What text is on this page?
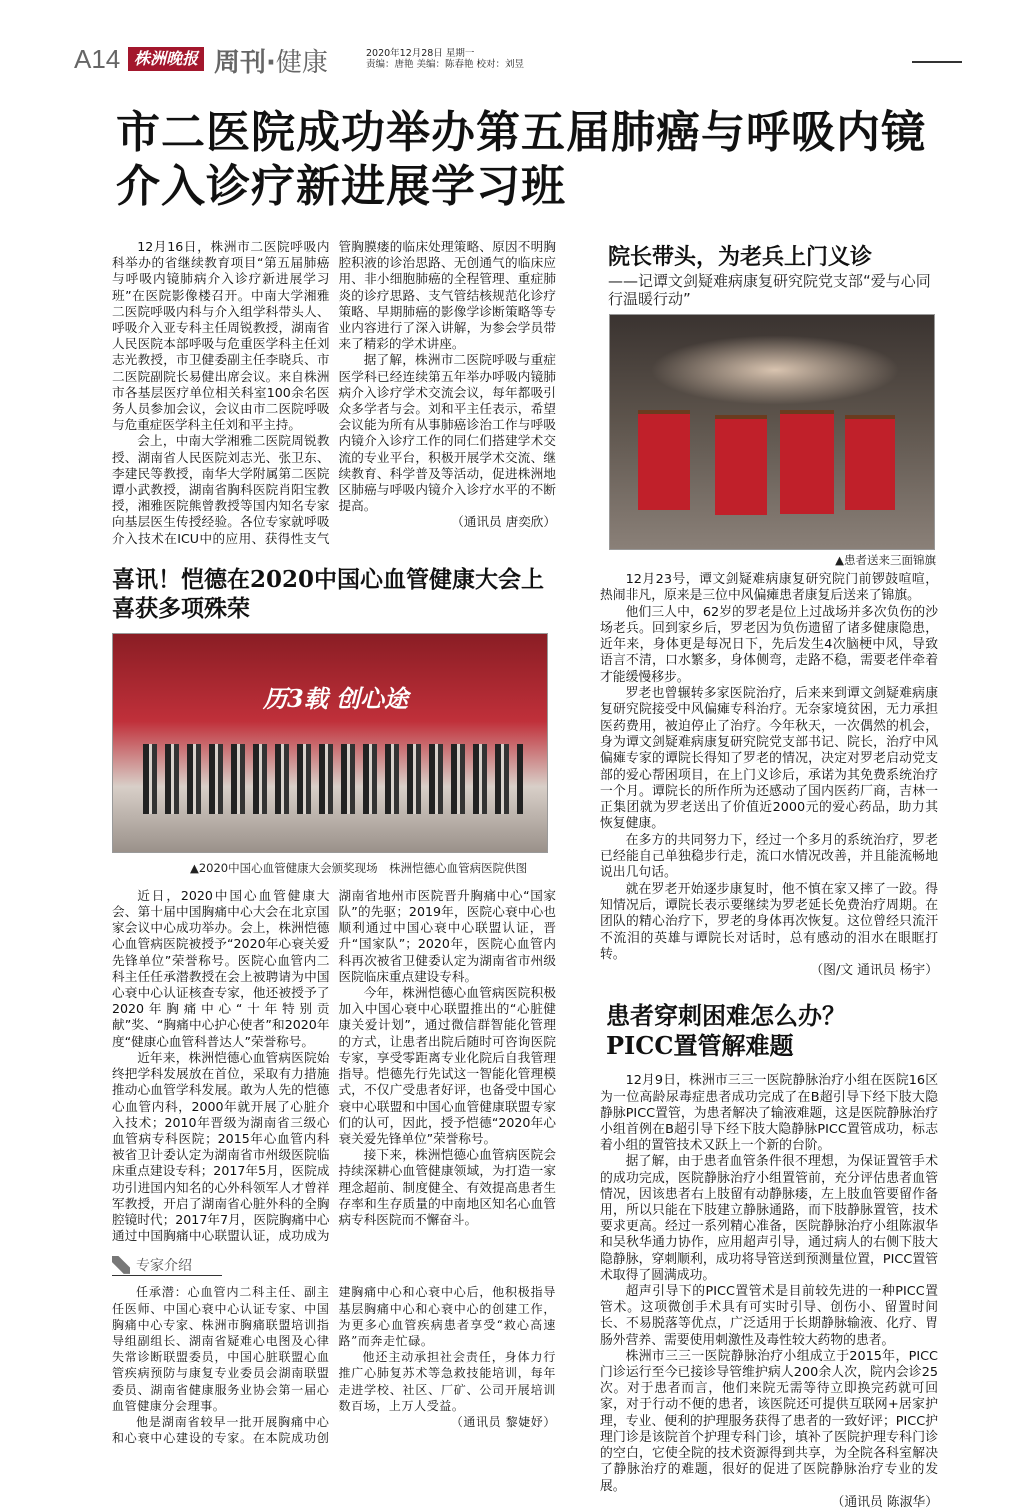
A14 株洲晚报 周刊·健康	2020年12月28日 星期一
责编：唐艳 美编：陈春艳 校对：刘昱
市二医院成功举办第五届肺癌与呼吸内镜介入诊疗新进展学习班

12月16日，株洲市二医院呼吸内科举办的省继续教育项目“第五届肺癌与呼吸内镜肺病介入诊疗新进展学习班”在医院影像楼召开。中南大学湘雅二医院呼吸内科与介入组学科带头人、呼吸介入亚专科主任周锐教授，湖南省人民医院本部呼吸与危重医学科主任刘志光教授，市卫健委副主任李晓兵、市二医院副院长易健出席会议。来自株洲市各基层医疗单位相关科室100余名医务人员参加会议，会议由市二医院呼吸与危重症医学科主任刘和平主持。

会上，中南大学湘雅二医院周锐教授、湖南省人民医院刘志光、张卫东、李建民等教授，南华大学附属第二医院谭小武教授，湖南省胸科医院肖阳宝教授，湘雅医院熊曾教授等国内知名专家向基层医生传授经验。各位专家就呼吸介入技术在ICU中的应用、获得性支气管胸膜瘘的临床处理策略、原因不明胸腔积液的诊治思路、无创通气的临床应用、非小细胞肺癌的全程管理、重症肺炎的诊疗思路、支气管结核规范化诊疗策略、早期肺癌的影像学诊断策略等专业内容进行了深入讲解，为参会学员带来了精彩的学术讲座。

据了解，株洲市二医院呼吸与重症医学科已经连续第五年举办呼吸内镜肺病介入诊疗学术交流会议，每年都吸引众多学者与会。刘和平主任表示，希望会议能为所有从事肺癌诊治工作与呼吸内镜介入诊疗工作的同仁们搭建学术交流的专业平台，积极开展学术交流、继续教育、科学普及等活动，促进株洲地区肺癌与呼吸内镜介入诊疗水平的不断提高。

（通讯员 唐奕欣）

喜讯！恺德在2020中国心血管健康大会上喜获多项殊荣
历3载 创心途
▲2020中国心血管健康大会颁奖现场　株洲恺德心血管病医院供图

近日，2020中国心血管健康大会、第十届中国胸痛中心大会在北京国家会议中心成功举办。会上，株洲恺德心血管病医院被授予“2020年心衰关爱先锋单位”荣誉称号。医院心血管内二科主任任承潜教授在会上被聘请为中国心衰中心认证核查专家，他还被授予了2020年胸痛中心“十年特别贡献”奖、“胸痛中心护心使者”和2020年度“健康心血管科普达人”荣誉称号。

近年来，株洲恺德心血管病医院始终把学科发展放在首位，采取有力措施推动心血管学科发展。敢为人先的恺德心血管内科，2000年就开展了心脏介入技术；2010年晋级为湖南省三级心血管病专科医院；2015年心血管内科被省卫计委认定为湖南省市州级医院临床重点建设专科；2017年5月，医院成功引进国内知名的心外科领军人才曾祥军教授，开启了湖南省心脏外科的全胸腔镜时代；2017年7月，医院胸痛中心通过中国胸痛中心联盟认证，成功成为湖南省地州市医院晋升胸痛中心“国家队”的先驱；2019年，医院心衰中心也顺利通过中国心衰中心联盟认证，晋升“国家队”；2020年，医院心血管内科再次被省卫健委认定为湖南省市州级医院临床重点建设专科。

今年，株洲恺德心血管病医院积极加入中国心衰中心联盟推出的“心脏健康关爱计划”，通过微信群智能化管理的方式，让患者出院后随时可咨询医院专家，享受零距离专业化院后自我管理指导。恺德先行先试这一智能化管理模式，不仅广受患者好评，也备受中国心衰中心联盟和中国心血管健康联盟专家们的认可，因此，授予恺德“2020年心衰关爱先锋单位”荣誉称号。

接下来，株洲恺德心血管病医院会持续深耕心血管健康领域，为打造一家理念超前、制度健全、有效提高患者生存率和生存质量的中南地区知名心血管病专科医院而不懈奋斗。

专家介绍

任承潜：心血管内二科主任、副主任医师、中国心衰中心认证专家、中国胸痛中心专家、株洲市胸痛联盟培训指导组副组长、湖南省疑难心电图及心律失常诊断联盟委员，中国心脏联盟心血管疾病预防与康复专业委员会湖南联盟委员、湖南省健康服务业协会第一届心血管健康分会理事。

他是湖南省较早一批开展胸痛中心和心衰中心建设的专家。在本院成功创建胸痛中心和心衰中心后，他积极指导基层胸痛中心和心衰中心的创建工作，为更多心血管疾病患者享受“救心高速路”而奔走忙碌。

他还主动承担社会责任，身体力行推广心肺复苏术等急救技能培训，每年走进学校、社区、厂矿、公司开展培训数百场，上万人受益。

（通讯员 黎婕妤）

院长带头，为老兵上门义诊
——记谭文剑疑难病康复研究院党支部“爱与心同行温暖行动”
▲患者送来三面锦旗

12月23号，谭文剑疑难病康复研究院门前锣鼓喧喧，热闹非凡，原来是三位中风偏瘫患者康复后送来了锦旗。

他们三人中，62岁的罗老是位上过战场并多次负伤的沙场老兵。回到家乡后，罗老因为负伤遗留了诸多健康隐患，近年来，身体更是每况日下，先后发生4次脑梗中风，导致语言不清，口水繁多，身体侧弯，走路不稳，需要老伴牵着才能缓慢移步。

罗老也曾辗转多家医院治疗，后来来到谭文剑疑难病康复研究院接受中风偏瘫专科治疗。无奈家境贫困，无力承担医药费用，被迫停止了治疗。今年秋天，一次偶然的机会，身为谭文剑疑难病康复研究院党支部书记、院长，治疗中风偏瘫专家的谭院长得知了罗老的情况，决定对罗老启动党支部的爱心帮困项目，在上门义诊后，承诺为其免费系统治疗一个月。谭院长的所作所为还感动了国内医药厂商，吉林一正集团就为罗老送出了价值近2000元的爱心药品，助力其恢复健康。

在多方的共同努力下，经过一个多月的系统治疗，罗老已经能自己单独稳步行走，流口水情况改善，并且能流畅地说出几句话。

就在罗老开始逐步康复时，他不慎在家又摔了一跤。得知情况后，谭院长表示要继续为罗老延长免费治疗周期。在团队的精心治疗下，罗老的身体再次恢复。这位曾经只流汗不流泪的英雄与谭院长对话时，总有感动的泪水在眼眶打转。

（图/文 通讯员 杨宇）

患者穿刺困难怎么办？
PICC置管解难题

12月9日，株洲市三三一医院静脉治疗小组在医院16区为一位高龄尿毒症患者成功完成了在B超引导下经下肢大隐静脉PICC置管，为患者解决了输液难题，这是医院静脉治疗小组首例在B超引导下经下肢大隐静脉PICC置管成功，标志着小组的置管技术又跃上一个新的台阶。

据了解，由于患者血管条件很不理想，为保证置管手术的成功完成，医院静脉治疗小组置管前，充分评估患者血管情况，因该患者右上肢留有动静脉瘘，左上肢血管要留作备用，所以只能在下肢建立静脉通路，而下肢静脉置管，技术要求更高。经过一系列精心准备，医院静脉治疗小组陈淑华和吴秋华通力协作，应用超声引导，通过病人的右侧下肢大隐静脉，穿刺顺利，成功将导管送到预测量位置，PICC置管术取得了圆满成功。

超声引导下的PICC置管术是目前较先进的一种PICC置管术。这项微创手术具有可实时引导、创伤小、留置时间长、不易脱落等优点，广泛适用于长期静脉输液、化疗、胃肠外营养、需要使用刺激性及毒性较大药物的患者。

株洲市三三一医院静脉治疗小组成立于2015年，PICC门诊运行至今已接诊导管维护病人200余人次，院内会诊25次。对于患者而言，他们来院无需等待立即换完药就可回家，对于行动不便的患者，该医院还可提供互联网+居家护理，专业、便利的护理服务获得了患者的一致好评；PICC护理门诊是该院首个护理专科门诊，填补了医院护理专科门诊的空白，它使全院的技术资源得到共享，为全院各科室解决了静脉治疗的难题，很好的促进了医院静脉治疗专业的发展。

（通讯员 陈淑华）
